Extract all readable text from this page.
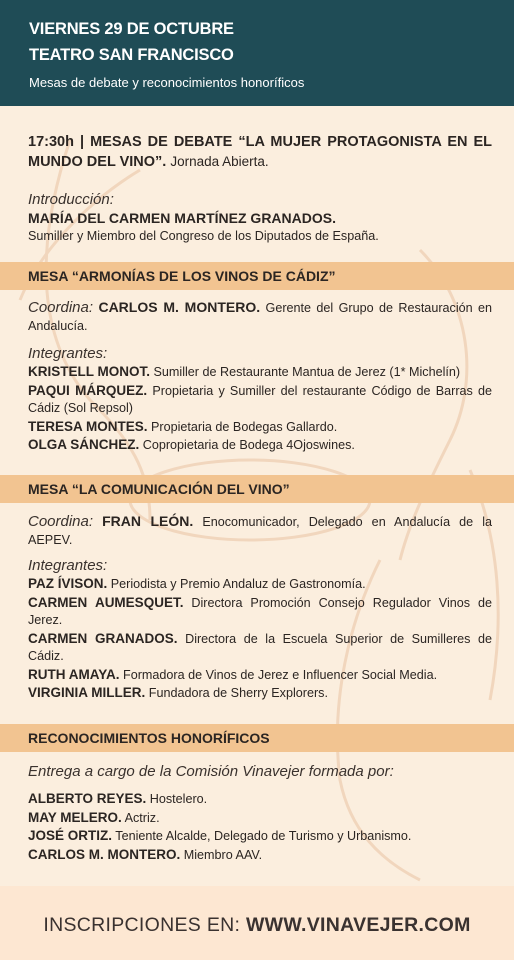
VIERNES 29 DE OCTUBRE
TEATRO SAN FRANCISCO
Mesas de debate y reconocimientos honoríficos
17:30h | MESAS DE DEBATE “LA MUJER PROTAGONISTA EN EL MUNDO DEL VINO”. Jornada Abierta.
Introducción:
MARÍA DEL CARMEN MARTÍNEZ GRANADOS.
Sumiller y Miembro del Congreso de los Diputados de España.
MESA “ARMONÍAS DE LOS VINOS DE CÁDIZ”
Coordina: CARLOS M. MONTERO. Gerente del Grupo de Restauración en Andalucía.
Integrantes:
KRISTELL MONOT. Sumiller de Restaurante Mantua de Jerez (1* Michelín)
PAQUI MÁRQUEZ. Propietaria y Sumiller del restaurante Código de Barras de Cádiz (Sol Repsol)
TERESA MONTES. Propietaria de Bodegas Gallardo.
OLGA SÁNCHEZ. Copropietaria de Bodega 4Ojoswines.
MESA “LA COMUNICACIÓN DEL VINO”
Coordina: FRAN LEÓN. Enocomunicador, Delegado en Andalucía de la AEPEV.
Integrantes:
PAZ ÍVISON. Periodista y Premio Andaluz de Gastronomía.
CARMEN AUMESQUET. Directora Promoción Consejo Regulador Vinos de Jerez.
CARMEN GRANADOS. Directora de la Escuela Superior de Sumilleres de Cádiz.
RUTH AMAYA. Formadora de Vinos de Jerez e Influencer Social Media.
VIRGINIA MILLER. Fundadora de Sherry Explorers.
RECONOCIMIENTOS HONORÍFICOS
Entrega a cargo de la Comisión Vinavejer formada por:
ALBERTO REYES. Hostelero.
MAY MELERO. Actriz.
JOSÉ ORTIZ. Teniente Alcalde, Delegado de Turismo y Urbanismo.
CARLOS M. MONTERO. Miembro AAV.
INSCRIPCIONES EN: WWW.VINAVEJER.COM
